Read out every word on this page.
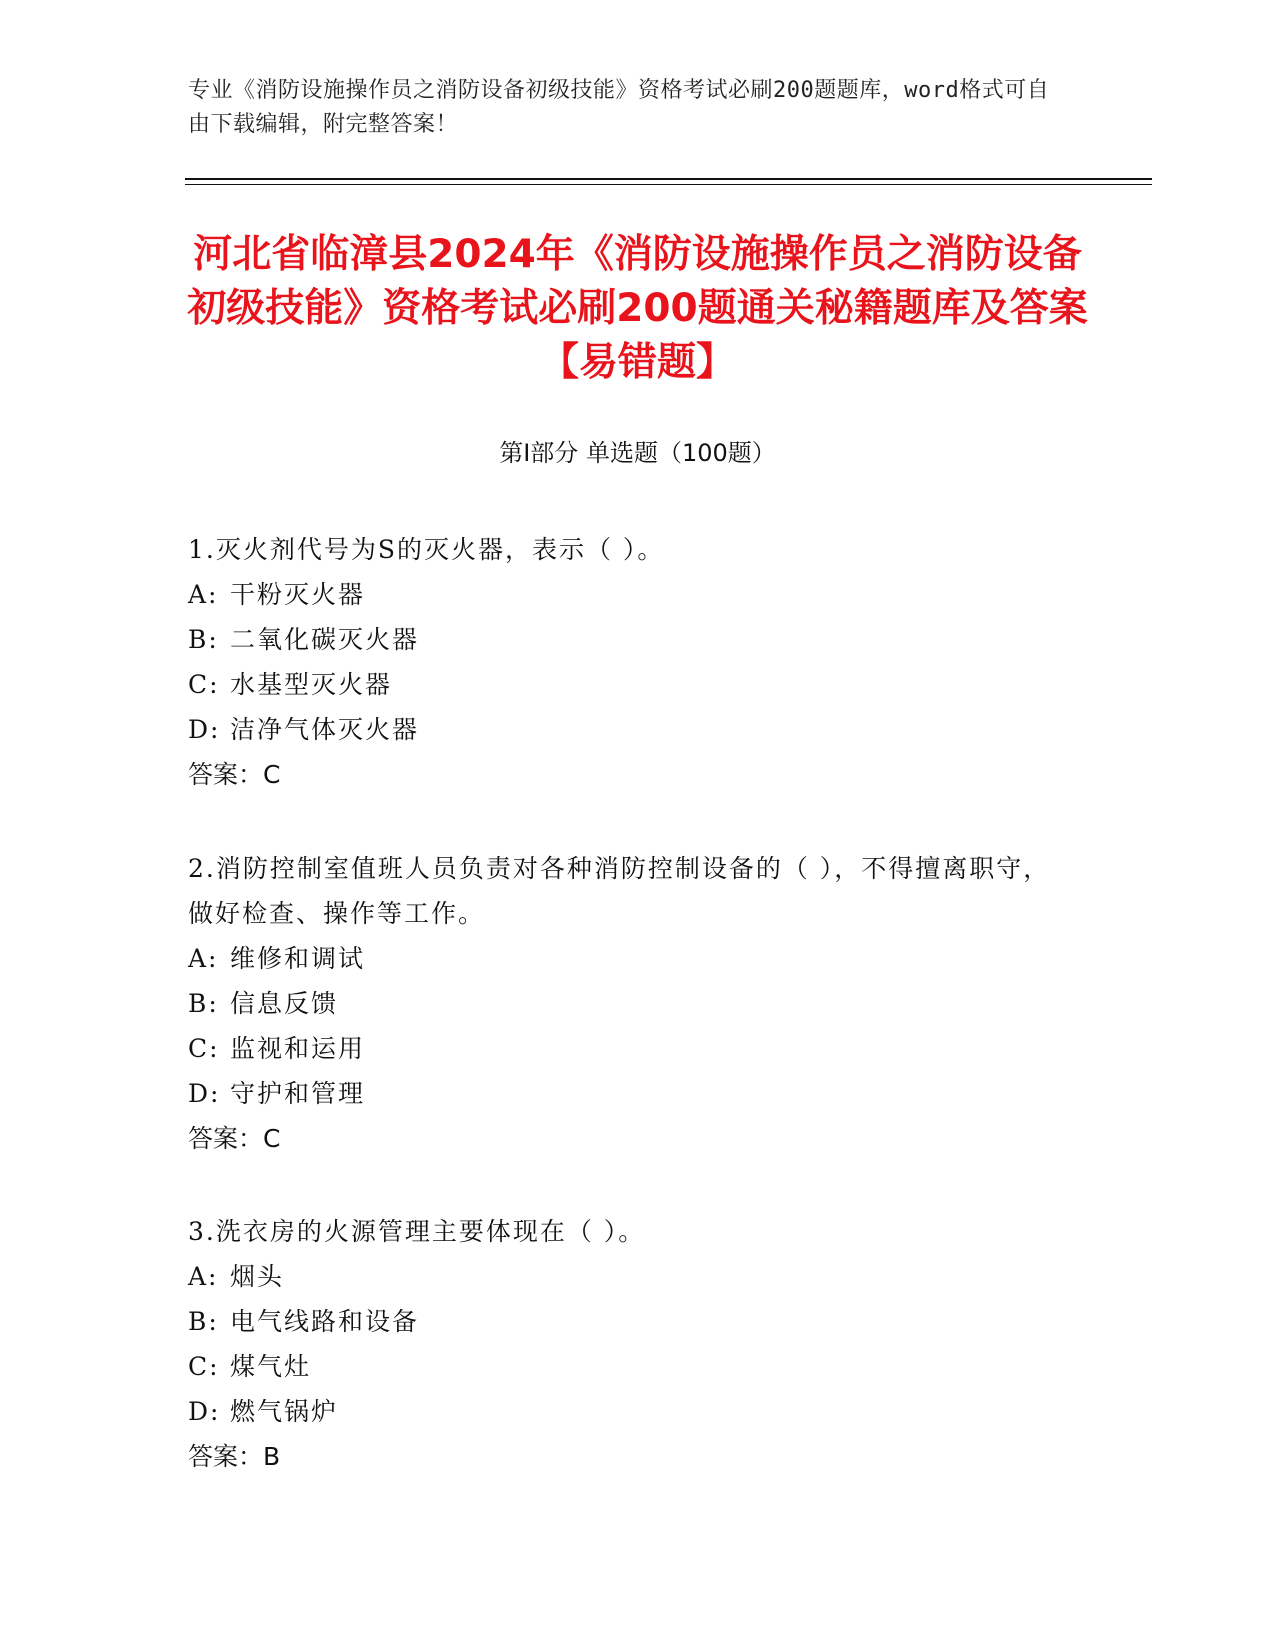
专业《消防设施操作员之消防设备初级技能》资格考试必刷200题题库，word格式可自由下载编辑，附完整答案！
河北省临漳县2024年《消防设施操作员之消防设备初级技能》资格考试必刷200题通关秘籍题库及答案【易错题】
第Ⅰ部分 单选题（100题）
1.灭火剂代号为S的灭火器，表示（ ）。
A: 干粉灭火器
B: 二氧化碳灭火器
C: 水基型灭火器
D: 洁净气体灭火器
答案：C
2.消防控制室值班人员负责对各种消防控制设备的（ ），不得擅离职守，做好检查、操作等工作。
A: 维修和调试
B: 信息反馈
C: 监视和运用
D: 守护和管理
答案：C
3.洗衣房的火源管理主要体现在（ ）。
A: 烟头
B: 电气线路和设备
C: 煤气灶
D: 燃气锅炉
答案：B
